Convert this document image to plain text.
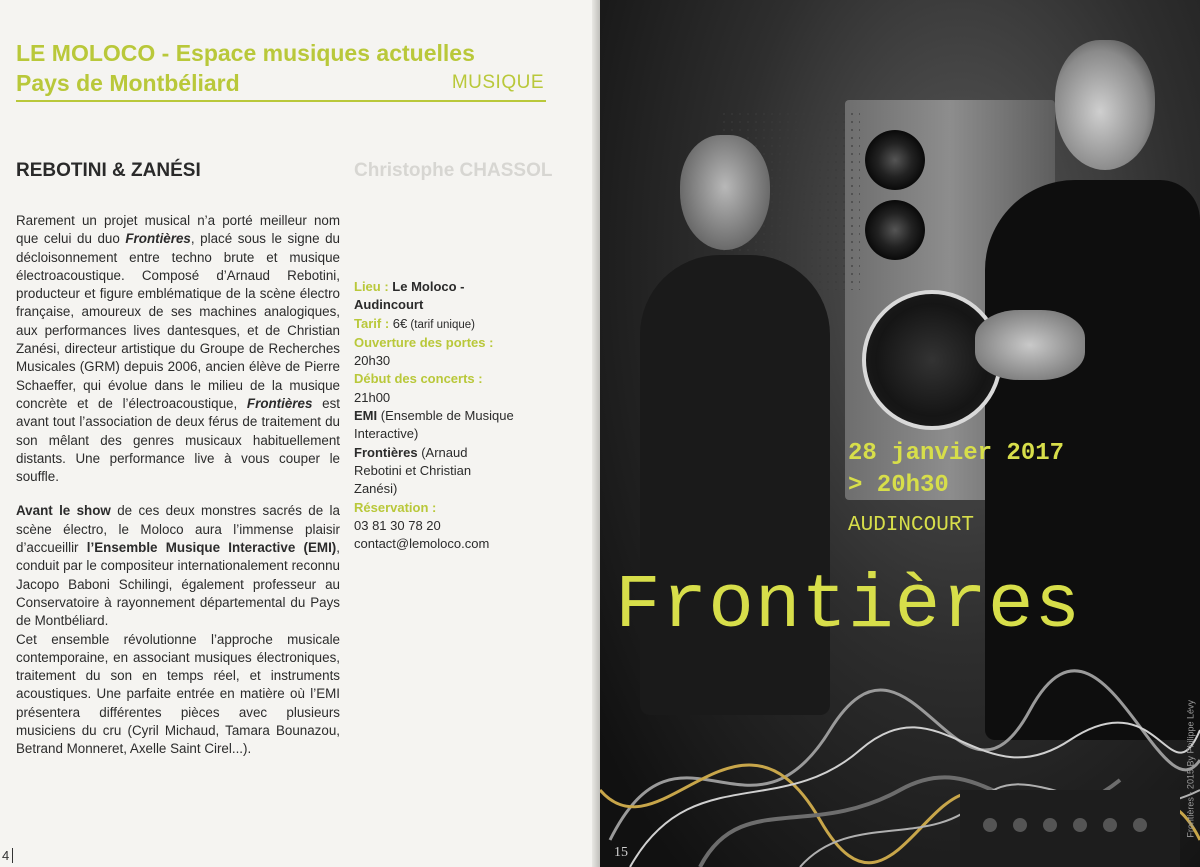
LE MOLOCO - Espace musiques actuelles
Pays de Montbéliard	MUSIQUE
Christophe CHASSOL
REBOTINI & ZANÉSI

Rarement un projet musical n’a porté meilleur nom que celui du duo Frontières, placé sous le signe du décloisonnement entre techno brute et musique électroacoustique. Composé d’Arnaud Rebotini, producteur et figure emblématique de la scène électro française, amoureux de ses machines analogiques, aux performances lives dantesques, et de Christian Zanési, directeur artistique du Groupe de Recherches Musicales (GRM) depuis 2006, ancien élève de Pierre Schaeffer, qui évolue dans le milieu de la musique concrète et de l’électroacoustique, Frontières est avant tout l’association de deux férus de traitement du son mêlant des genres musicaux habituellement distants. Une performance live à vous couper le souffle.

Avant le show de ces deux monstres sacrés de la scène électro, le Moloco aura l’immense plaisir d’accueillir l’Ensemble Musique Interactive (EMI), conduit par le compositeur internationalement reconnu Jacopo Baboni Schilingi, également professeur au Conservatoire à rayonnement départemental du Pays de Montbéliard.

Cet ensemble révolutionne l’approche musicale contemporaine, en associant musiques électroniques, traitement du son en temps réel, et instruments acoustiques. Une parfaite entrée en matière où l’EMI présentera différentes pièces avec plusieurs musiciens du cru (Cyril Michaud, Tamara Bounazou, Betrand Monneret, Axelle Saint Cirel...).

Lieu : Le Moloco - Audincourt
Tarif : 6€ (tarif unique)
Ouverture des portes :
20h30
Début des concerts : 21h00
EMI (Ensemble de Musique Interactive)
Frontières (Arnaud Rebotini et Christian Zanési)
Réservation :
03 81 30 78 20
contact@lemoloco.com
4
28 janvier 2017
> 20h30
AUDINCOURT
Frontières
Frontières - 2015 By Philippe Lévy
15
